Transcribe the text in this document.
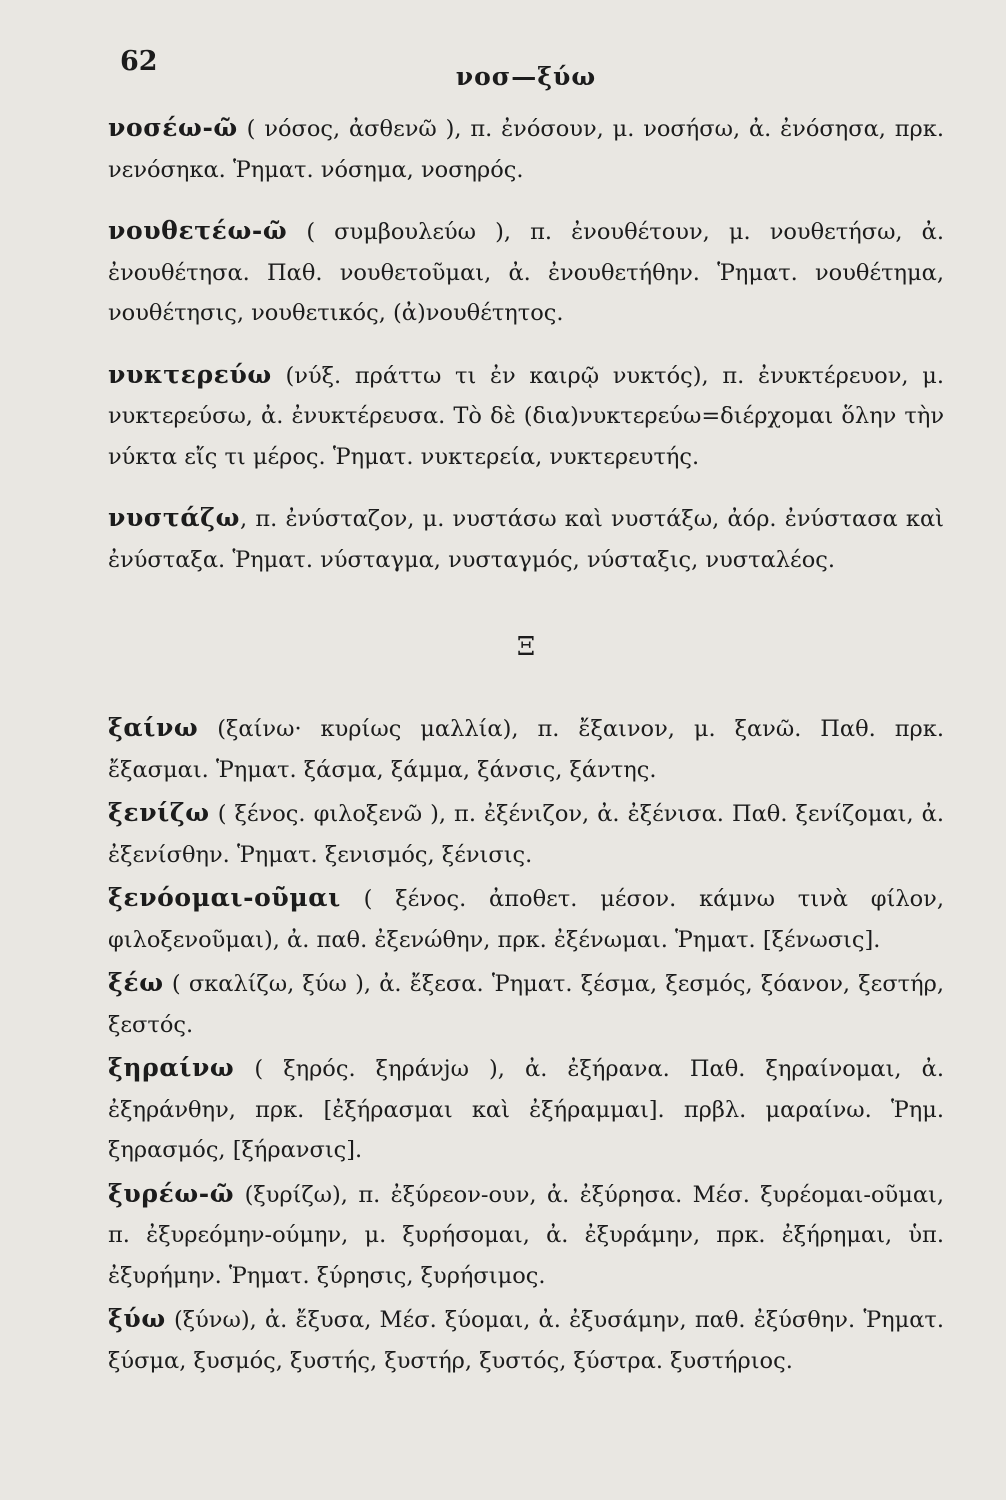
62	νοσ—ξύω

νοσέω-ῶ ( νόσος, ἀσθενῶ ), π. ἐνόσουν, μ. νοσήσω, ἀ. ἐνόσησα, πρκ. νενόσηκα. Ῥηματ. νόσημα, νοσηρός.

νουθετέω-ῶ ( συμβουλεύω ), π. ἐνουθέτουν, μ. νουθετήσω, ἀ. ἐνουθέτησα. Παθ. νουθετοῦμαι, ἀ. ἐνουθετήθην. Ῥηματ. νουθέτημα, νουθέτησις, νουθετικός, (ἀ)νουθέτητος.

νυκτερεύω (νύξ. πράττω τι ἐν καιρῷ νυκτός), π. ἐνυκτέρευον, μ. νυκτερεύσω, ἀ. ἐνυκτέρευσα. Τὸ δὲ (δια)νυκτερεύω=διέρχομαι ὅλην τὴν νύκτα εἴς τι μέρος. Ῥηματ. νυκτερεία, νυκτερευτής.

νυστάζω, π. ἐνύσταζον, μ. νυστάσω καὶ νυστάξω, ἀόρ. ἐνύστασα καὶ ἐνύσταξα. Ῥηματ. νύσταγμα, νυσταγμός, νύσταξις, νυσταλέος.

Ξ

ξαίνω (ξαίνω· κυρίως μαλλία), π. ἔξαινον, μ. ξανῶ. Παθ. πρκ. ἔξασμαι. Ῥηματ. ξάσμα, ξάμμα, ξάνσις, ξάντης.

ξενίζω ( ξένος. φιλοξενῶ ), π. ἐξένιζον, ἀ. ἐξένισα. Παθ. ξενίζομαι, ἀ. ἐξενίσθην. Ῥηματ. ξενισμός, ξένισις.

ξενόομαι-οῦμαι ( ξένος. ἀποθετ. μέσον. κάμνω τινὰ φίλον, φιλοξενοῦμαι), ἀ. παθ. ἐξενώθην, πρκ. ἐξένωμαι. Ῥηματ. [ξένωσις].

ξέω ( σκαλίζω, ξύω ), ἀ. ἔξεσα. Ῥηματ. ξέσμα, ξεσμός, ξόανον, ξεστήρ, ξεστός.

ξηραίνω ( ξηρός. ξηράνjω ), ἀ. ἐξήρανα. Παθ. ξηραίνομαι, ἀ. ἐξηράνθην, πρκ. [ἐξήρασμαι καὶ ἐξήραμμαι]. πρβλ. μαραίνω. Ῥημ. ξηρασμός, [ξήρανσις].

ξυρέω-ῶ (ξυρίζω), π. ἐξύρεον-ουν, ἀ. ἐξύρησα. Μέσ. ξυρέομαι-οῦμαι, π. ἐξυρεόμην-ούμην, μ. ξυρήσομαι, ἀ. ἐξυράμην, πρκ. ἐξήρημαι, ὑπ. ἐξυρήμην. Ῥηματ. ξύρησις, ξυρήσιμος.

ξύω (ξύνω), ἀ. ἔξυσα, Μέσ. ξύομαι, ἀ. ἐξυσάμην, παθ. ἐξύσθην. Ῥηματ. ξύσμα, ξυσμός, ξυστής, ξυστήρ, ξυστός, ξύστρα. ξυστήριος.
